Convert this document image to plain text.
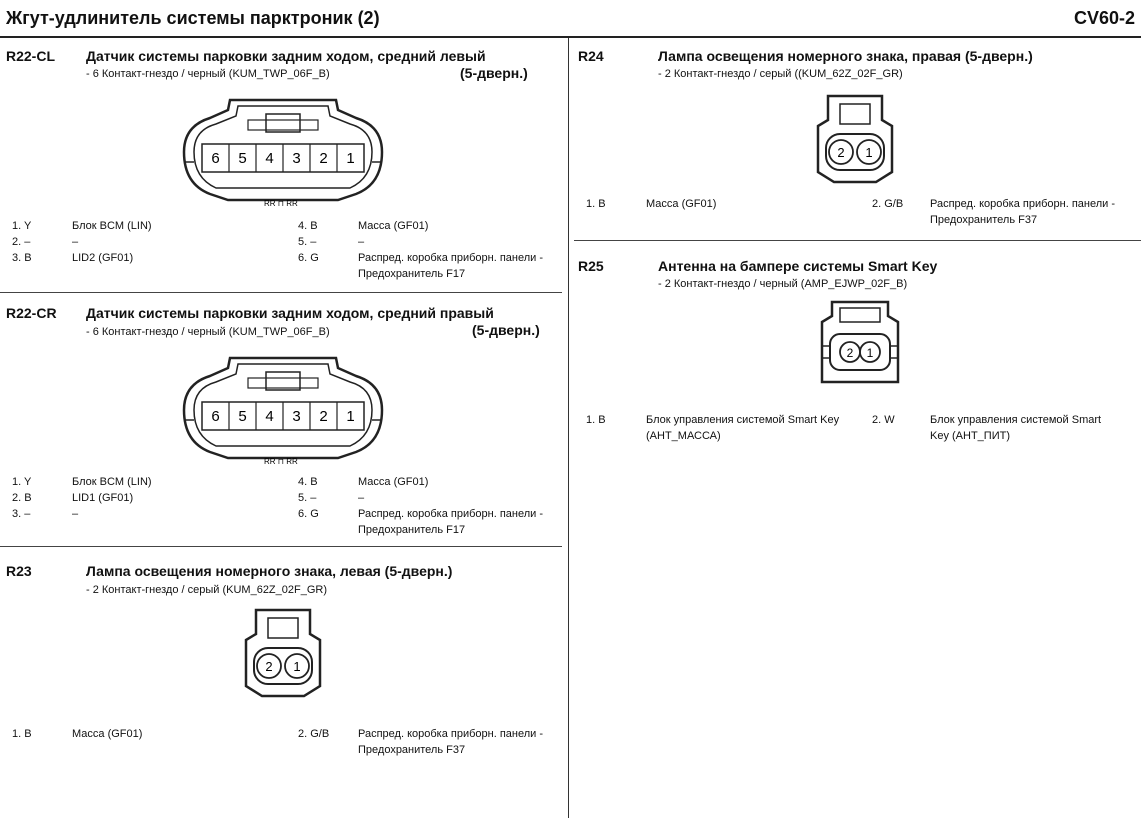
Жгут-удлинитель системы парктроник (2)	CV60-2
R22-CL Датчик системы парковки задним ходом, средний левый
(5-дверн.)
- 6 Контакт-гнездо / черный (KUM_TWP_06F_B)
6 5 4 3 2 1
RR ⊓ RR
1. Y	Блок BCM (LIN)
2. –	–
3. B	LID2 (GF01)
4. B	Масса (GF01)
5. –	–
6. G	Распред. коробка приборн. панели - Предохранитель F17
R22-CR Датчик системы парковки задним ходом, средний правый
(5-дверн.)
- 6 Контакт-гнездо / черный (KUM_TWP_06F_B)
6 5 4 3 2 1
RR ⊓ RR
1. Y	Блок BCM (LIN)
2. B	LID1 (GF01)
3. –	–
4. B	Масса (GF01)
5. –	–
6. G	Распред. коробка приборн. панели - Предохранитель F17
R23	Лампа освещения номерного знака, левая (5-дверн.)
- 2 Контакт-гнездо / серый (KUM_62Z_02F_GR)
2 1
1. B	Масса (GF01)	2. G/B	Распред. коробка приборн. панели - Предохранитель F37
R24	Лампа освещения номерного знака, правая (5-дверн.)
- 2 Контакт-гнездо / серый ((KUM_62Z_02F_GR)
2 1
1. B	Масса (GF01)	2. G/B Распред. коробка приборн. панели - Предохранитель F37
R25	Антенна на бампере системы Smart Key
- 2 Контакт-гнездо / черный (AMP_EJWP_02F_B)
2 1
1. B	Блок управления системой Smart Key (АНТ_МАССА)
2. W	Блок управления системой Smart Key (АНТ_ПИТ)
